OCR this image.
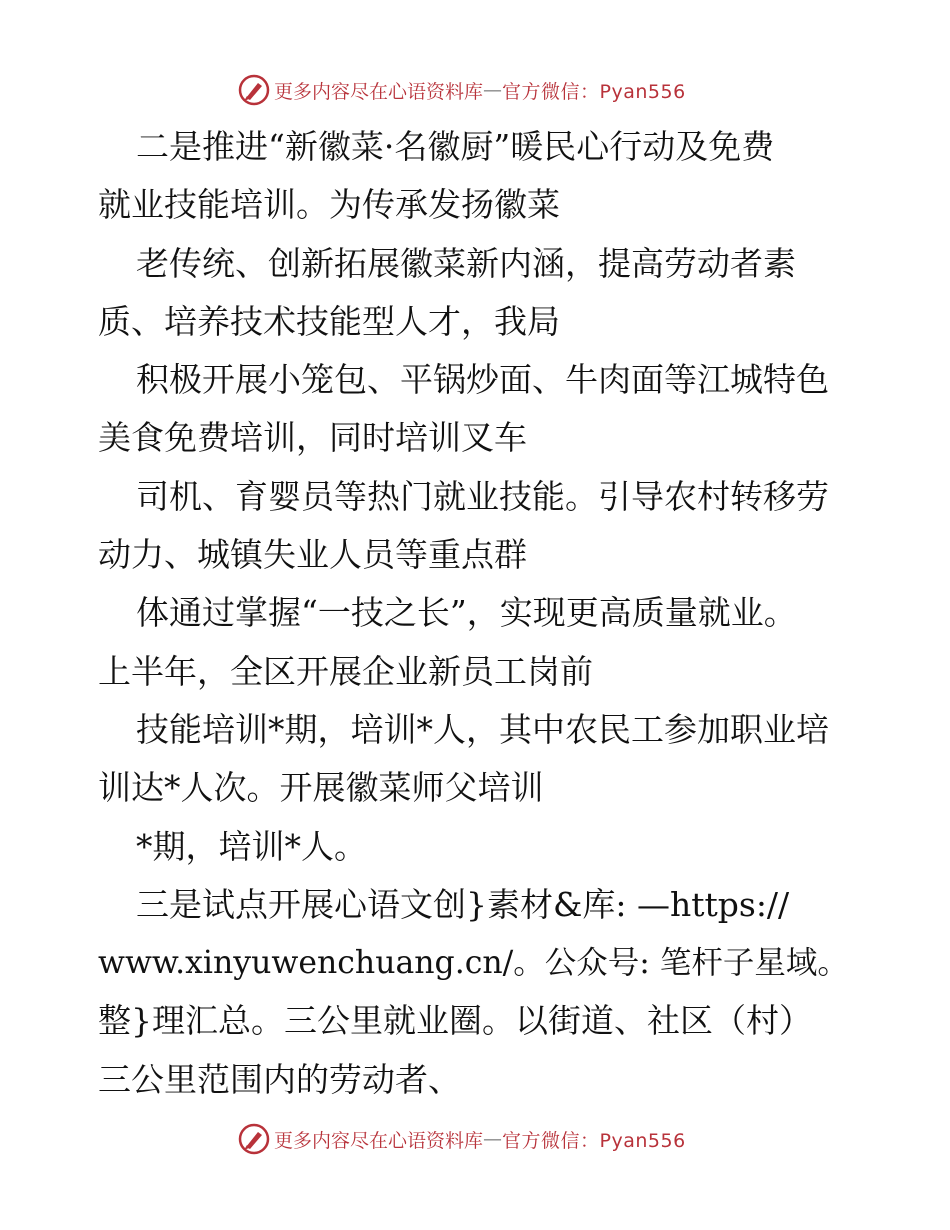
更多内容尽在心语资料库 — 官方微信：Pyan556
二是推进“新徽菜·名徽厨”暖民心行动及免费
就业技能培训。为传承发扬徽菜
老传统、创新拓展徽菜新内涵，提高劳动者素
质、培养技术技能型人才，我局
积极开展小笼包、平锅炒面、牛肉面等江城特色
美食免费培训，同时培训叉车
司机、育婴员等热门就业技能。引导农村转移劳
动力、城镇失业人员等重点群
体通过掌握“一技之长”，实现更高质量就业。
上半年，全区开展企业新员工岗前
技能培训*期，培训*人，其中农民工参加职业培
训达*人次。开展徽菜师父培训
*期，培训*人。
三是试点开展心语文创}素材&库: —https://
www.xinyuwenchuang.cn/。公众号: 笔杆子星域。
整}理汇总。三公里就业圈。以街道、社区（村）
三公里范围内的劳动者、
更多内容尽在心语资料库 — 官方微信：Pyan556
